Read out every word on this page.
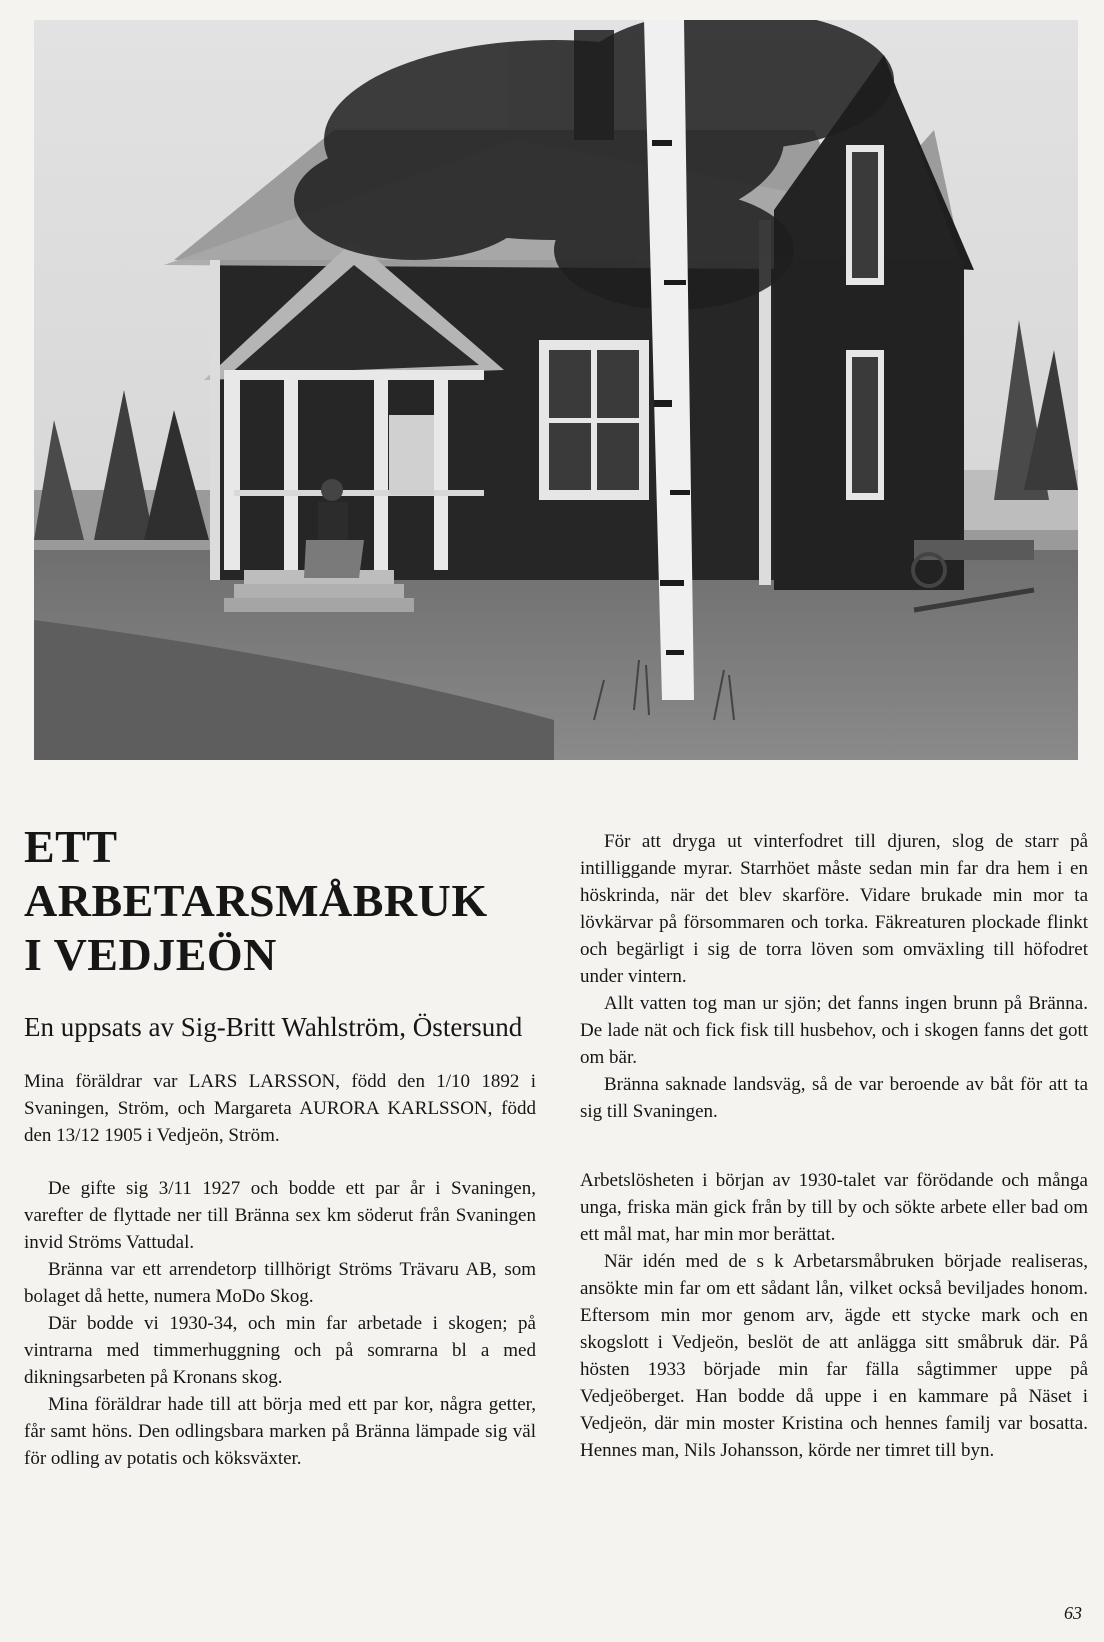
ETT
ARBETARSMÅBRUK
I VEDJEÖN
En uppsats av Sig-Britt Wahlström, Östersund

Mina föräldrar var LARS LARSSON, född den 1/10 1892 i Svaningen, Ström, och Margareta AURORA KARLSSON, född den 13/12 1905 i Vedjeön, Ström.

De gifte sig 3/11 1927 och bodde ett par år i Svaningen, varefter de flyttade ner till Bränna sex km söderut från Svaningen invid Ströms Vattudal.

Bränna var ett arrendetorp tillhörigt Ströms Trävaru AB, som bolaget då hette, numera MoDo Skog.

Där bodde vi 1930-34, och min far arbetade i skogen; på vintrarna med timmerhuggning och på somrarna bl a med dikningsarbeten på Kronans skog.

Mina föräldrar hade till att börja med ett par kor, några getter, får samt höns. Den odlingsbara marken på Bränna lämpade sig väl för odling av potatis och köksväxter.

För att dryga ut vinterfodret till djuren, slog de starr på intilliggande myrar. Starrhöet måste sedan min far dra hem i en höskrinda, när det blev skarföre. Vidare brukade min mor ta lövkärvar på försommaren och torka. Fäkreaturen plockade flinkt och begärligt i sig de torra löven som omväxling till höfodret under vintern.

Allt vatten tog man ur sjön; det fanns ingen brunn på Bränna. De lade nät och fick fisk till husbehov, och i skogen fanns det gott om bär.

Bränna saknade landsväg, så de var beroende av båt för att ta sig till Svaningen.

Arbetslösheten i början av 1930-talet var förödande och många unga, friska män gick från by till by och sökte arbete eller bad om ett mål mat, har min mor berättat.

När idén med de s k Arbetarsmåbruken började realiseras, ansökte min far om ett sådant lån, vilket också beviljades honom. Eftersom min mor genom arv, ägde ett stycke mark och en skogslott i Vedjeön, beslöt de att anlägga sitt småbruk där. På hösten 1933 började min far fälla sågtimmer uppe på Vedjeöberget. Han bodde då uppe i en kammare på Näset i Vedjeön, där min moster Kristina och hennes familj var bosatta. Hennes man, Nils Johansson, körde ner timret till byn.

63
